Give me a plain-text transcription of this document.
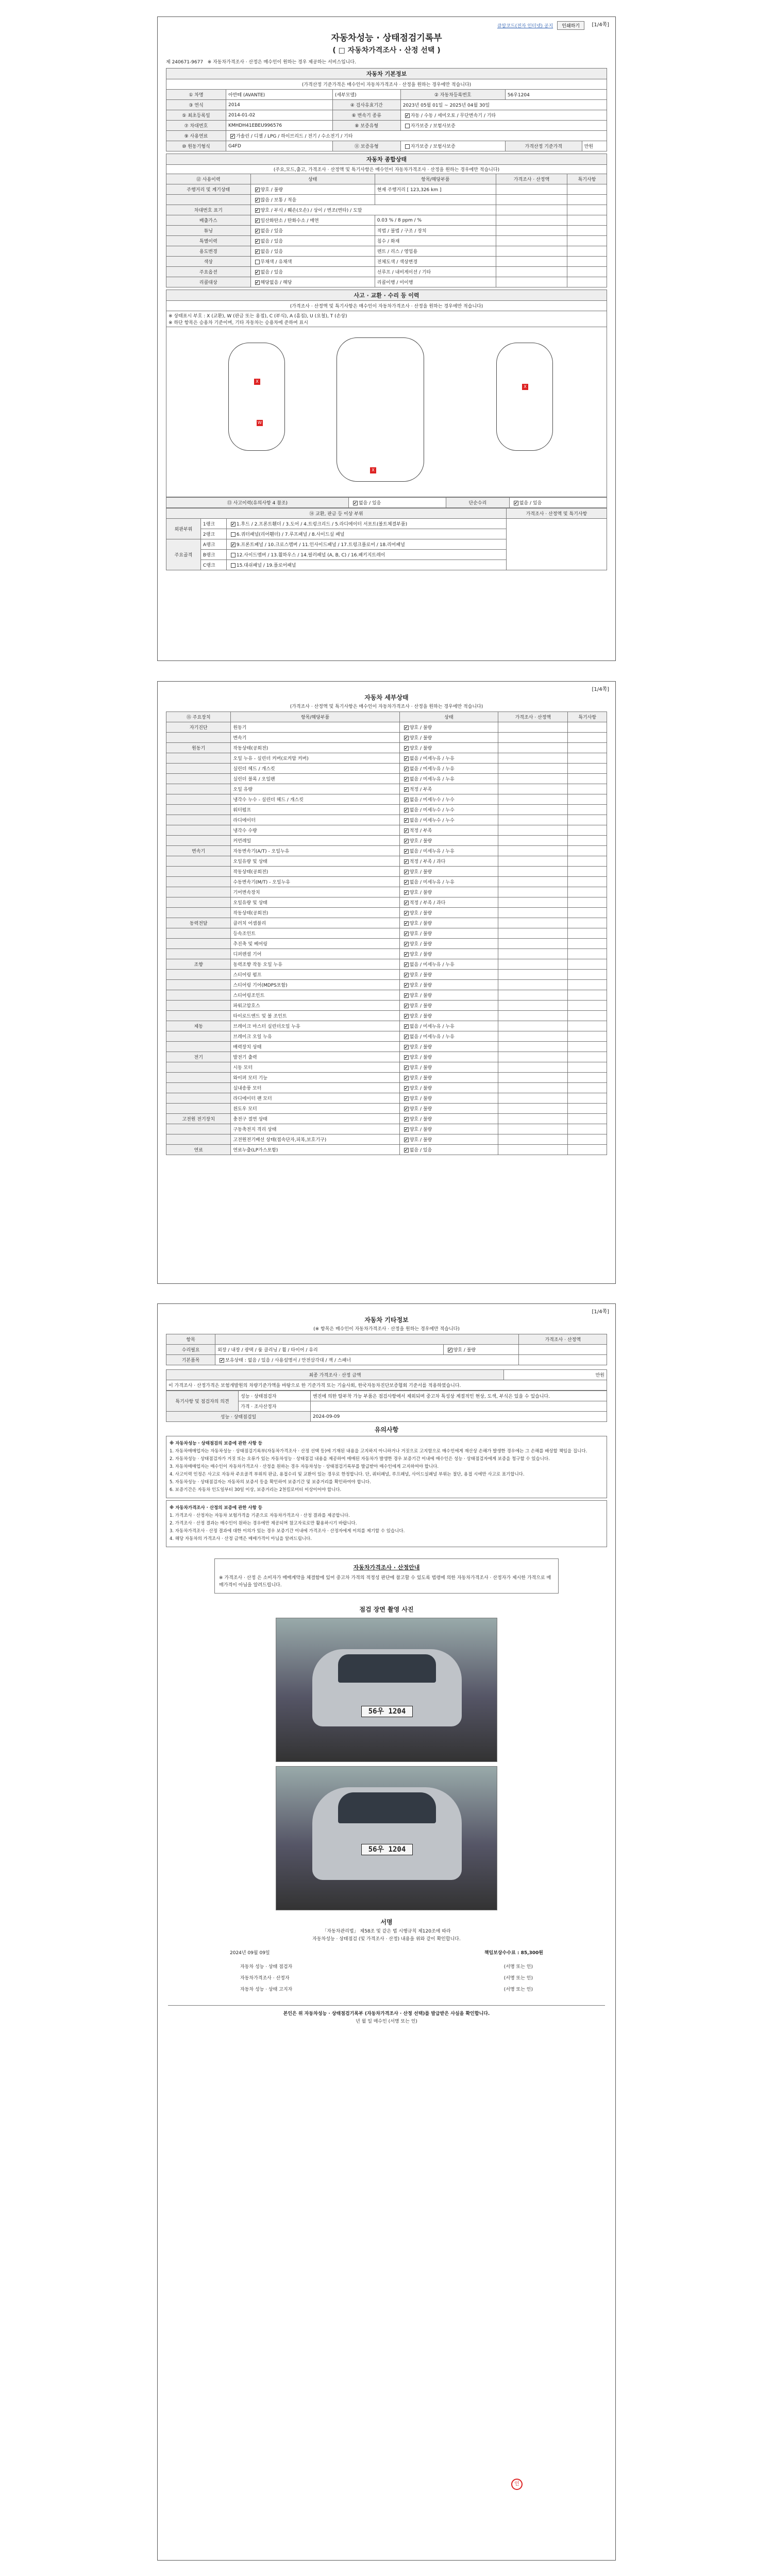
[1/4쪽]
큐알코드(전자 인터넷) 공지	인쇄하기
자동차성능 · 상태점검기록부
( □ 자동차가격조사 · 산정 선택 )
제 240671-9677 ※ 자동차가격조사 · 산정은 매수인이 원하는 경우 제공하는 서비스입니다.
자동차 기본정보					
(가격산정 기준가격은 매수인이 자동차가격조사 · 산정을 원하는 경우에만 적습니다)					
① 차명	아반떼 (AVANTE)	(세부모델)	② 자동차등록번호	56우1204	
③ 연식	2014	④ 검사유효기간	2023년 05월 01일 ~ 2025년 04월 30일		
⑤ 최초등록일	2014-01-02	⑥ 변속기 종류	✔자동 / 수동 / 세미오토 / 무단변속기 / 기타
⑦ 차대번호	KMHDH41EBEU996576	⑧ 보증유형	자가보증 / 보험사보증		
⑨ 사용연료	✔가솔린 / 디젤 / LPG / 하이브리드 / 전기 / 수소전기 / 기타
⑩ 원동기형식	G4FD	⑪ 보증유형	자가보증 / 보험사보증	가격산정 기준가격	만원
자동차 종합상태				
(주요,모드,출고, 가격조사 · 산정액 및 특기사항은 매수인이 자동차가격조사 · 산정을 원하는 경우에만 적습니다)				
⑫ 사용이력	상태	항목/해당부품	가격조사 · 산정액	특기사항
주행거리 및 계기상태	✔양호 / 불량	현재 주행거리 [ 123,326 km ]		
	✔많음 / 보통 / 적음			
차대번호 표기	✔양호 / 부식 / 훼손(오손) / 상이 / 변조(변타) / 도말		
배출가스	✔일산화탄소 / 탄화수소 / 매연	0.03 % / 8 ppm / %		
튜닝	✔없음 / 있음	적법 / 불법 / 구조 / 장치		
특별이력	✔없음 / 있음	침수 / 화재		
용도변경	✔없음 / 있음	렌트 / 리스 / 영업용		
색상	무채색 / 유채색	전체도색 / 색상변경		
주요옵션	✔없음 / 있음	선루프 / 내비게이션 / 기타		
리콜대상	✔해당없음 / 해당	리콜이행 / 미이행		
사고 · 교환 · 수리 등 이력
(가격조사 · 산정액 및 특기사항은 매수인이 자동차가격조사 · 산정을 원하는 경우에만 적습니다)

※ 상태표시 부호 : X (교환), W (판금 또는 용접), C (부식), A (흠집), U (요철), T (손상)
※ 하단 항목은 승용차 기준이며, 기타 자동차는 승용차에 준하여 표시
X
W
X
X
⑬ 사고이력(유의사항 4 참조)	✔없음 / 있음	단순수리	✔없음 / 있음
⑭ 교환, 판금 등 이상 부위			가격조사 · 산정액 및 특기사항
외판부위	1랭크	✔1.후드 / 2.프론트휀더 / 3.도어 / 4.트렁크리드 / 5.라디에이터 서포트(볼트체결부품)	
	2랭크	6.쿼터패널(리어휀더) / 7.루프패널 / 8.사이드실 패널	
주요골격	A랭크	✔9.프론트패널 / 10.크로스멤버 / 11.인사이드패널 / 17.트렁크플로어 / 18.리어패널
	B랭크	12.사이드멤버 / 13.휠하우스 / 14.필러패널 (A, B, C) / 16.패키지트레이	
	C랭크	15.대쉬패널 / 19.플로어패널	
[1/4쪽]
자동차 세부상태
(가격조사 · 산정액 및 특기사항은 매수인이 자동차가격조사 · 산정을 원하는 경우에만 적습니다)
⑮ 주요장치	항목/해당부품	상태	가격조사 · 산정액	특기사항
자기진단	원동기	✔양호 / 불량		
	변속기	✔양호 / 불량		
원동기	작동상태(공회전)	✔양호 / 불량		
	오일 누유 - 실린더 커버(로커암 커버)	✔없음 / 미세누유 / 누유		
	실린더 헤드 / 개스킷	✔없음 / 미세누유 / 누유		
	실린더 블록 / 오일팬	✔없음 / 미세누유 / 누유		
	오일 유량	✔적정 / 부족		
	냉각수 누수 - 실린더 헤드 / 개스킷	✔없음 / 미세누수 / 누수		
	워터펌프	✔없음 / 미세누수 / 누수		
	라디에이터	✔없음 / 미세누수 / 누수		
	냉각수 수량	✔적정 / 부족		
	커먼레일	✔양호 / 불량		
변속기	자동변속기(A/T) - 오일누유	✔없음 / 미세누유 / 누유		
	오일유량 및 상태	✔적정 / 부족 / 과다		
	작동상태(공회전)	✔양호 / 불량		
	수동변속기(M/T) - 오일누유	✔없음 / 미세누유 / 누유		
	기어변속장치	✔양호 / 불량		
	오일유량 및 상태	✔적정 / 부족 / 과다		
	작동상태(공회전)	✔양호 / 불량		
동력전달	클러치 어셈블리	✔양호 / 불량		
	등속조인트	✔양호 / 불량		
	추진축 및 베어링	✔양호 / 불량		
	디퍼렌셜 기어	✔양호 / 불량		
조향	동력조향 작동 오일 누유	✔없음 / 미세누유 / 누유		
	스티어링 펌프	✔양호 / 불량		
	스티어링 기어(MDPS포함)	✔양호 / 불량		
	스티어링조인트	✔양호 / 불량		
	파워고압호스	✔양호 / 불량		
	타이로드엔드 및 볼 조인트	✔양호 / 불량		
제동	브레이크 마스터 실린더오일 누유	✔없음 / 미세누유 / 누유		
	브레이크 오일 누유	✔없음 / 미세누유 / 누유		
	배력장치 상태	✔양호 / 불량		
전기	발전기 출력	✔양호 / 불량		
	시동 모터	✔양호 / 불량		
	와이퍼 모터 기능	✔양호 / 불량		
	실내송풍 모터	✔양호 / 불량		
	라디에이터 팬 모터	✔양호 / 불량		
	윈도우 모터	✔양호 / 불량		
고전원 전기장치	충전구 절연 상태	✔양호 / 불량		
	구동축전지 격리 상태	✔양호 / 불량		
	고전원전기배선 상태(접속단자,피복,보호기구)	✔양호 / 불량		
연료	연료누출(LP가스포함)	✔없음 / 있음		
[1/4쪽]
자동차 기타정보
(※ 항목은 매수인이 자동차가격조사 · 산정을 원하는 경우에만 적습니다)
항목			가격조사 · 산정액
수리필요	외장 / 내장 / 광택 / 룸 클리닝 / 휠 / 타이어 / 유리	✔양호 / 불량	
기본품목	✔보유상태 : 없음 / 있음 / 사용설명서 / 안전삼각대 / 잭 / 스패너	
최종 가격조사 · 산정 금액	만원
이 가격조사 · 산정가격은 보험개발원의 차량기준가액을 바탕으로 한 기준가격 또는 기술사회, 한국자동차진단보증협회 기준서를 적용하였습니다.
특기사항 및 점검자의 의견	성능 · 상태점검자	엔진에 의한 탈부착 가능 부품은 점검사항에서 제외되며 중고차 특성상 계절적인 현상, 도색, 부식은 있을 수 있습니다.
	가격 · 조사산정자	
성능 · 상태점검일		2024-09-09
유의사항

※ 자동차성능 · 상태점검의 보증에 관한 사항 등

1. 자동차매매업자는 자동차성능 · 상태점검기록부(자동차가격조사 · 산정 선택 등)에 기재된 내용을 고지하지 아니하거나 거짓으로 고지함으로 매수인에게 재산상 손해가 발생한 경우에는 그 손해를 배상할 책임을 집니다.

2. 자동차성능 · 상태점검자가 거짓 또는 오류가 있는 자동차성능 · 상태점검 내용을 제공하여 매매된 자동차가 발생한 경우 보증기간 이내에 매수인은 성능 · 상태점검자에게 보증을 청구할 수 있습니다.

3. 자동차매매업자는 매수인이 자동차가격조사 · 산정을 원하는 경우 자동차성능 · 상태점검기록부를 발급받아 매수인에게 고지하여야 합니다.

4. 사고이력 인정은 사고로 자동차 주요골격 부위의 판금, 용접수리 및 교환이 있는 경우로 한정합니다. 단, 쿼터패널, 루프패널, 사이드실패널 부위는 절단, 용접 시에만 사고로 표기합니다.

5. 자동차성능 · 상태점검자는 자동차의 보증서 등을 확인하여 보증기간 및 보증거리를 확인하여야 합니다.

6. 보증기간은 자동차 인도일부터 30일 이상, 보증거리는 2천킬로미터 이상이어야 합니다.

※ 자동차가격조사 · 산정의 보증에 관한 사항 등

1. 가격조사 · 산정자는 자동차 보험가격을 기준으로 자동차가격조사 · 산정 결과를 제공합니다.

2. 가격조사 · 산정 결과는 매수인이 원하는 경우에만 제공되며 참고자료로만 활용하시기 바랍니다.

3. 자동차가격조사 · 산정 결과에 대한 이의가 있는 경우 보증기간 이내에 가격조사 · 산정자에게 이의를 제기할 수 있습니다.

4. 해당 자동차의 가격조사 · 산정 금액은 매매가격이 아님을 알려드립니다.

자동차가격조사 · 산정안내

※ 가격조사 · 산정 은 소비자가 매매계약을 체결함에 있어 중고차 가격의 적정성 판단에 참고할 수 있도록 법령에 의한 자동차가격조사 · 산정자가 제시한 가격으로 매매가격이 아님을 알려드립니다.

점검 장면 촬영 사진
56우 1204
56우 1204
서명
「자동차관리법」 제58조 및 같은 법 시행규칙 제120조에 따라
자동차성능 · 상태점검 (및 가격조사 · 산정) 내용을 위와 같이 확인합니다.
2024년 09월 09일	책임보상수수료 : 85,300원
자동차 성능 · 상태 점검자	(서명 또는 인)
자동차가격조사 · 산정자	(서명 또는 인)
자동차 성능 · 상태 고지자	(서명 또는 인)
인
본인은 위 자동차성능 · 상태점검기록부 (자동차가격조사 · 산정 선택)를 발급받은 사실을 확인합니다.
년 월 일 매수인 (서명 또는 인)
